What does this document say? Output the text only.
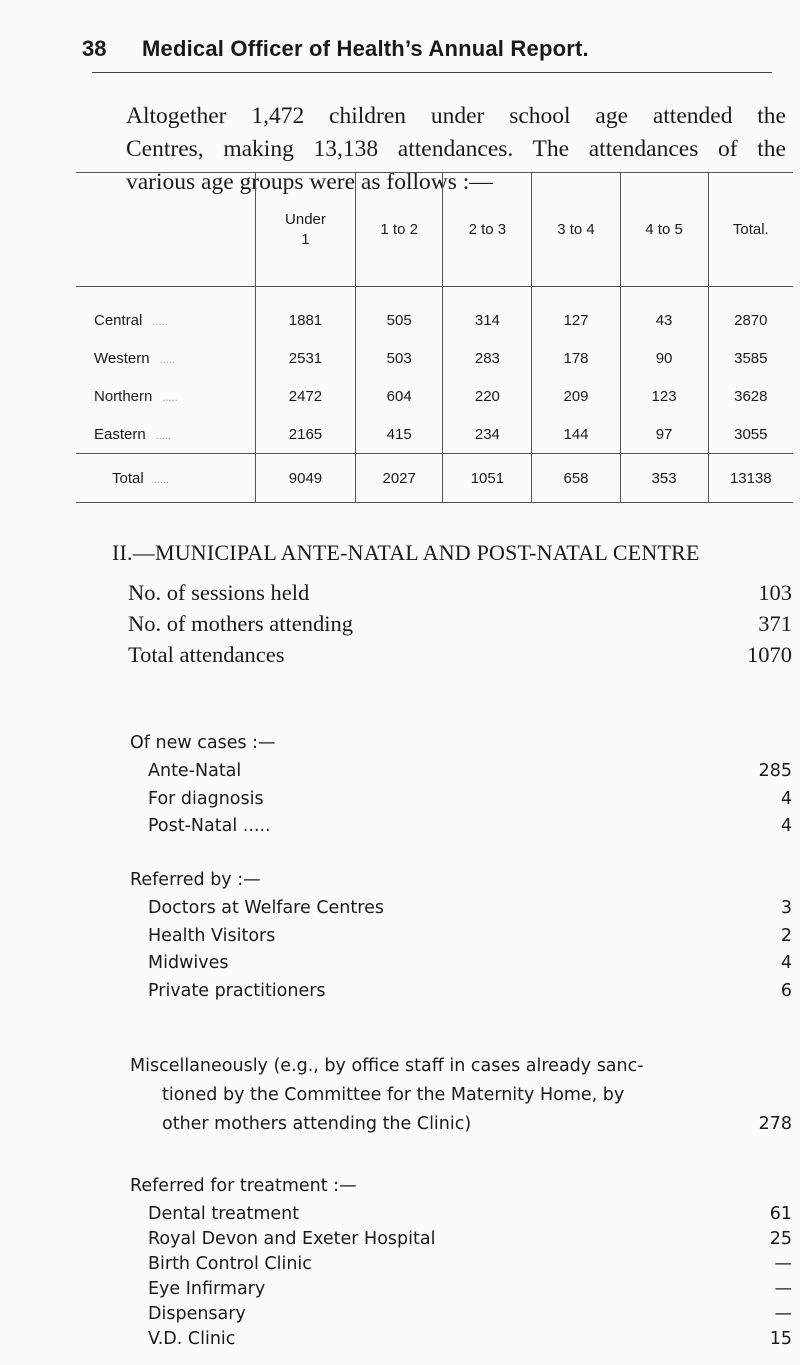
38 Medical Officer of Health’s Annual Report.
Altogether 1,472 children under school age attended the
Centres, making 13,138 attendances. The attendances of the
various age groups were as follows :—
	Under 1	1 to 2	2 to 3	3 to 4	4 to 5	Total.
Central .....	1881	505	314	127	43	2870
Western .....	2531	503	283	178	90	3585
Northern .....	2472	604	220	209	123	3628
Eastern .....	2165	415	234	144	97	3055
Total .....	9049	2027	1051	658	353	13138
II.—MUNICIPAL ANTE-NATAL AND POST-NATAL CENTRE
No. of sessions held	103
No. of mothers attending	371
Total attendances	1070
Of new cases :—
Ante-Natal	285
For diagnosis	4
Post-Natal .....	4
Referred by :—
Doctors at Welfare Centres	3
Health Visitors	2
Midwives	4
Private practitioners	6
Miscellaneously (e.g., by office staff in cases already sanc-
tioned by the Committee for the Maternity Home, by
other mothers attending the Clinic)	278
Referred for treatment :—
Dental treatment	61
Royal Devon and Exeter Hospital	25
Birth Control Clinic	—
Eye Infirmary	—
Dispensary	—
V.D. Clinic	15
